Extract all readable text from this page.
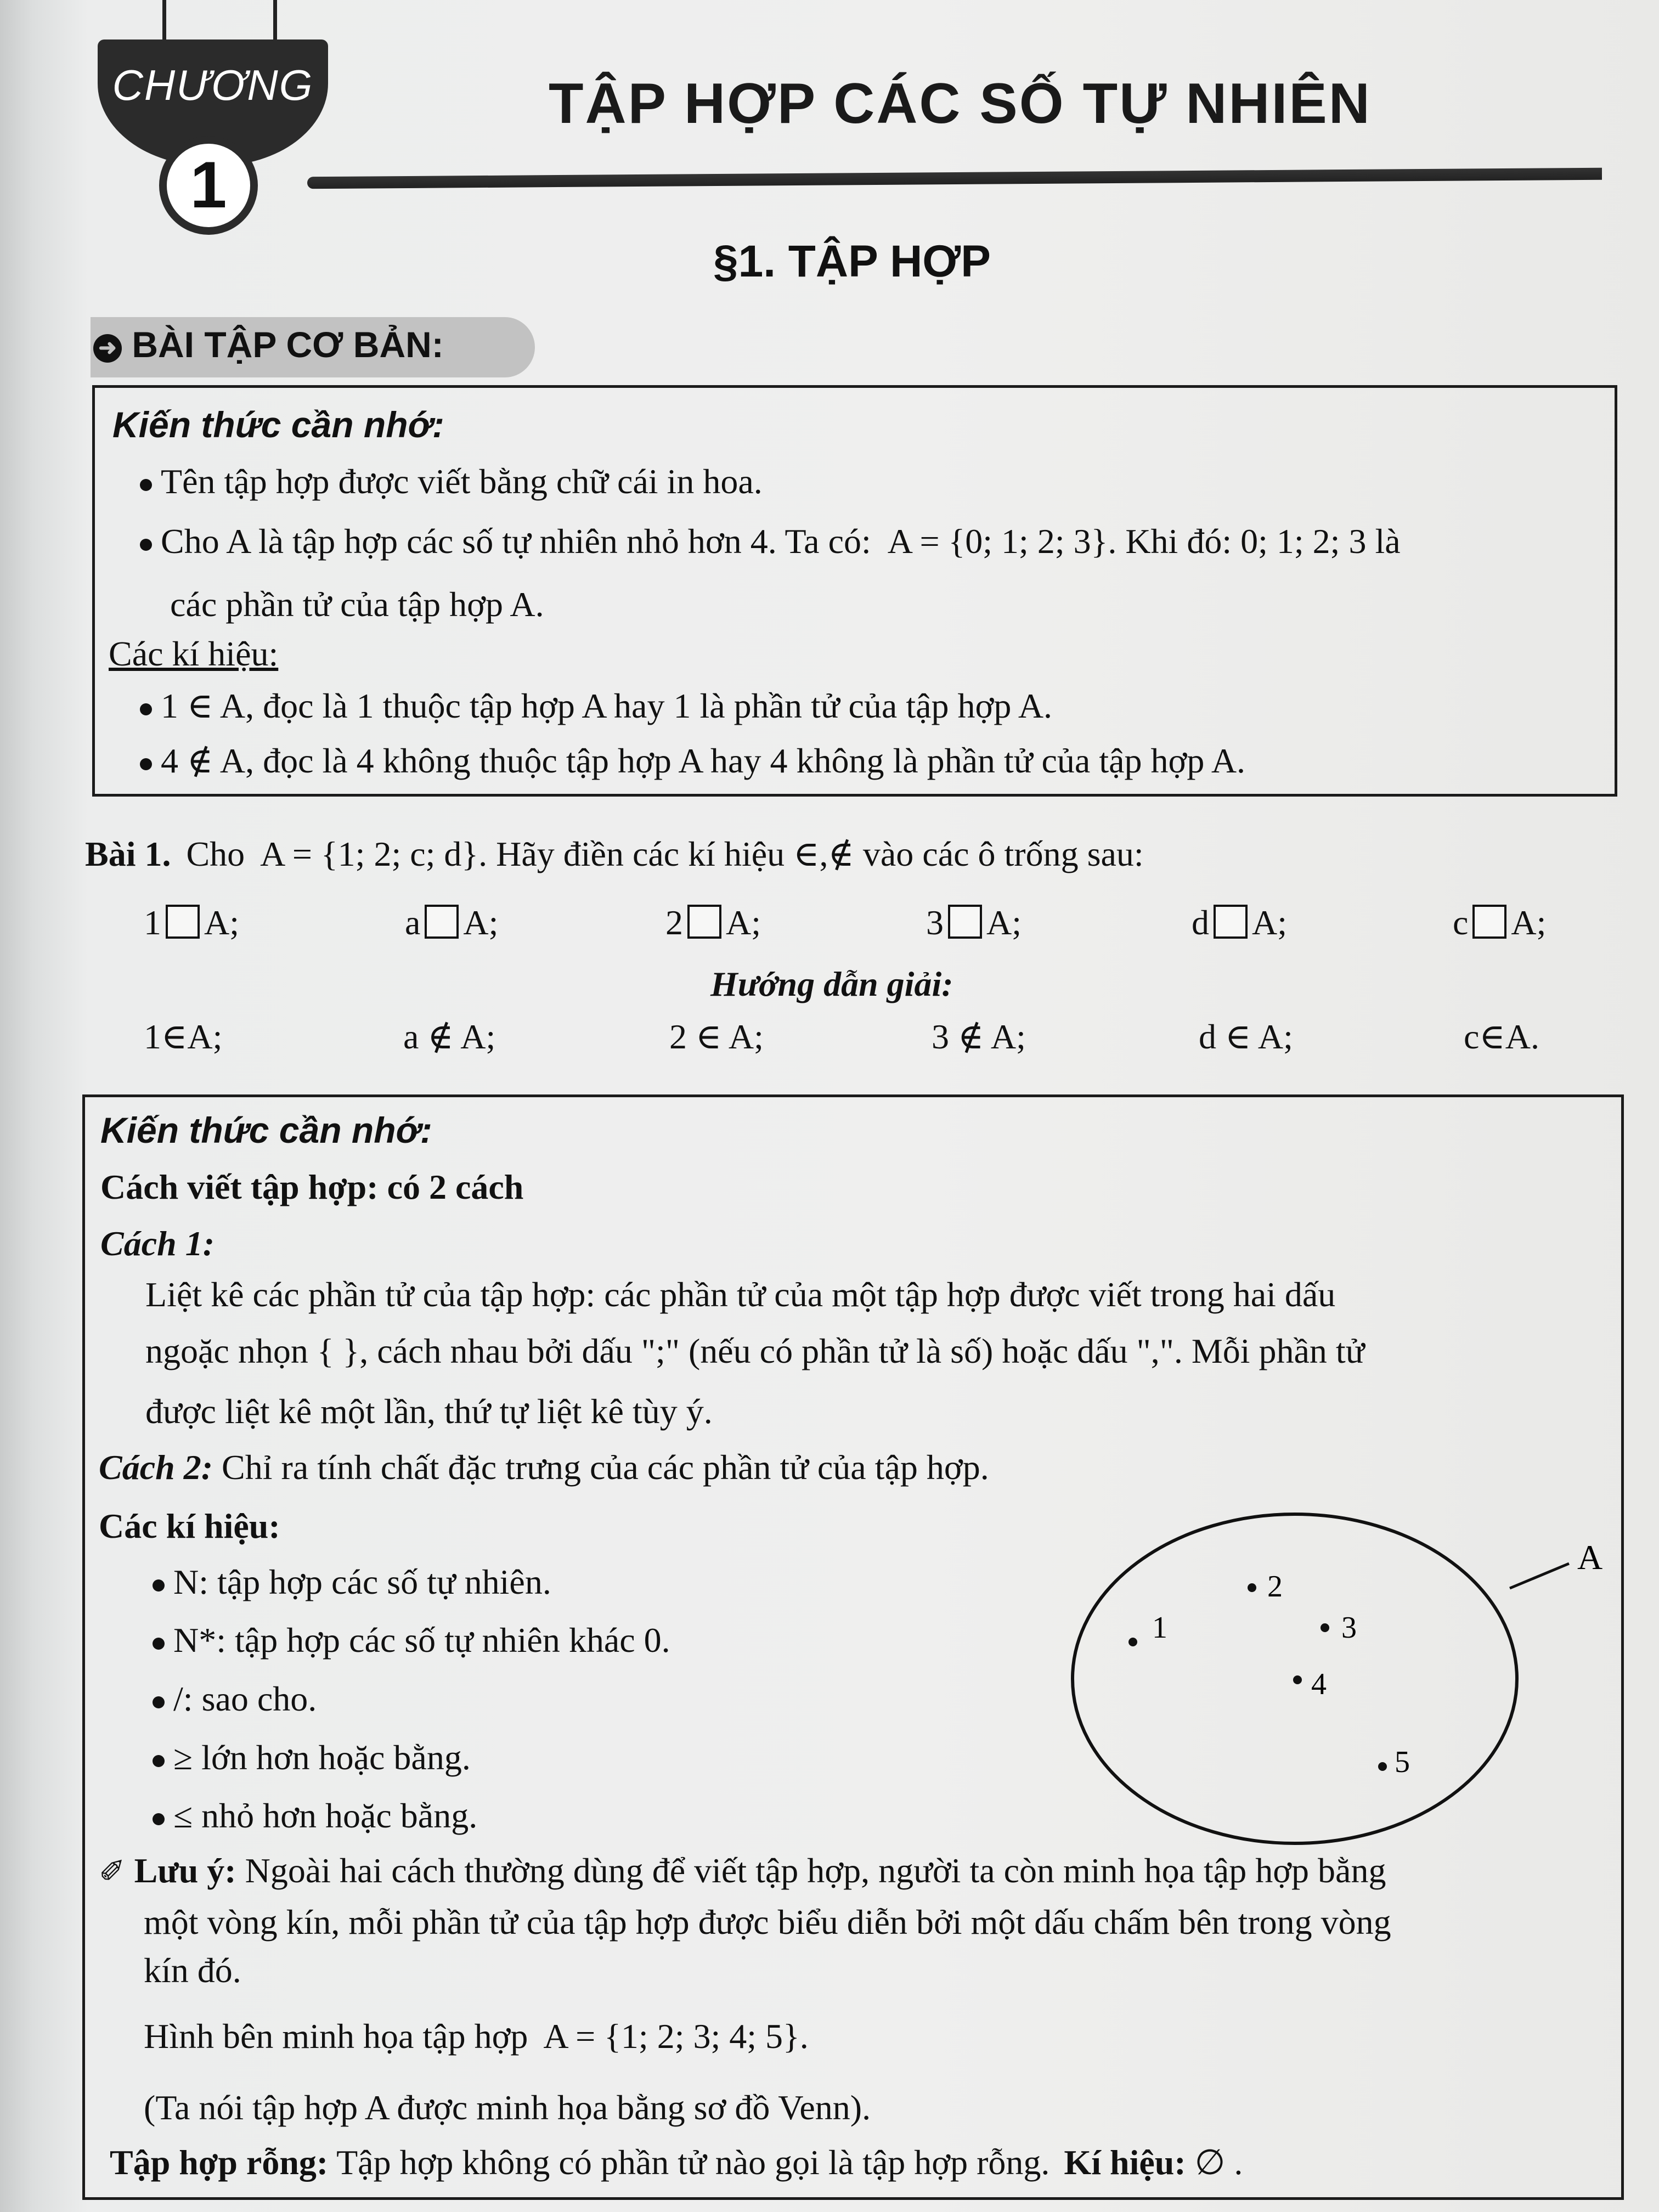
CHƯƠNG
1
TẬP HỢP CÁC SỐ TỰ NHIÊN
§1. TẬP HỢP
➜ BÀI TẬP CƠ BẢN:
Kiến thức cần nhớ:
Tên tập hợp được viết bằng chữ cái in hoa.
Cho A là tập hợp các số tự nhiên nhỏ hơn 4. Ta có: A = {0; 1; 2; 3}. Khi đó: 0; 1; 2; 3 là
các phần tử của tập hợp A.
Các kí hiệu:
1 ∈ A, đọc là 1 thuộc tập hợp A hay 1 là phần tử của tập hợp A.
4 ∉ A, đọc là 4 không thuộc tập hợp A hay 4 không là phần tử của tập hợp A.
Bài 1. Cho A = {1; 2; c; d}. Hãy điền các kí hiệu ∈,∉ vào các ô trống sau:
1 A;	a A;	2 A;	3 A;	d A;	c A;
Hướng dẫn giải:
1∈A;	a ∉ A;	2 ∈ A;	3 ∉ A;	d ∈ A;	c∈A.
Kiến thức cần nhớ:
Cách viết tập hợp: có 2 cách
Cách 1:
Liệt kê các phần tử của tập hợp: các phần tử của một tập hợp được viết trong hai dấu
ngoặc nhọn { }, cách nhau bởi dấu ";" (nếu có phần tử là số) hoặc dấu ",". Mỗi phần tử
được liệt kê một lần, thứ tự liệt kê tùy ý.
Cách 2: Chỉ ra tính chất đặc trưng của các phần tử của tập hợp.
Các kí hiệu:
N: tập hợp các số tự nhiên.
N*: tập hợp các số tự nhiên khác 0.
/: sao cho.
≥ lớn hơn hoặc bằng.
≤ nhỏ hơn hoặc bằng.
A
1
2
3
4
5
✐ Lưu ý: Ngoài hai cách thường dùng để viết tập hợp, người ta còn minh họa tập hợp bằng
một vòng kín, mỗi phần tử của tập hợp được biểu diễn bởi một dấu chấm bên trong vòng
kín đó.
Hình bên minh họa tập hợp A = {1; 2; 3; 4; 5}.
(Ta nói tập hợp A được minh họa bằng sơ đồ Venn).
Tập hợp rỗng: Tập hợp không có phần tử nào gọi là tập hợp rỗng. Kí hiệu: ∅ .
